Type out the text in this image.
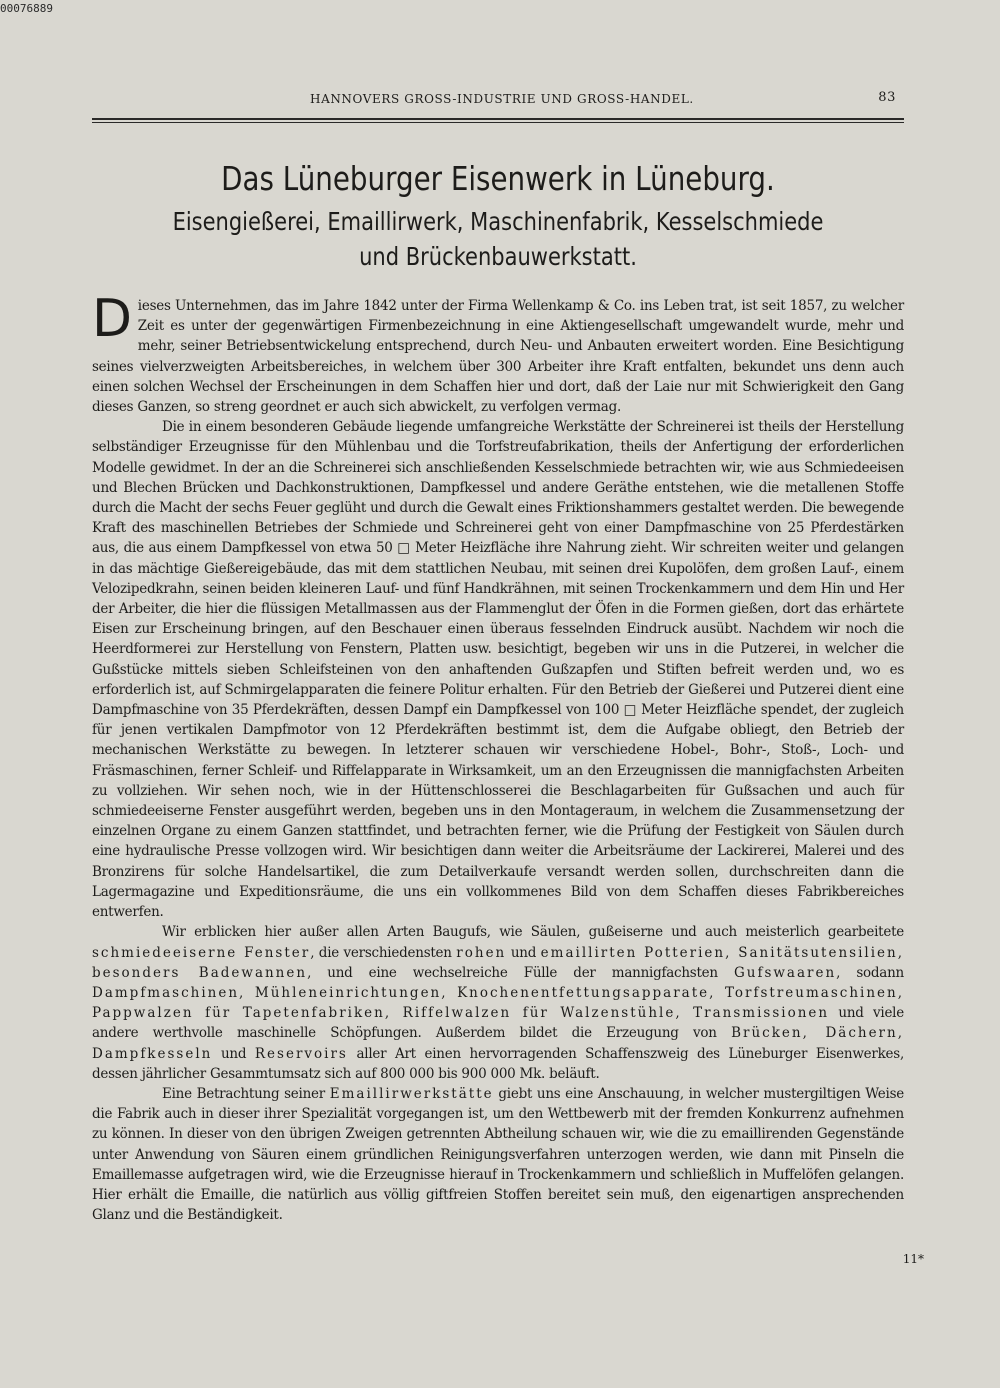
00076889
HANNOVERS GROSS-INDUSTRIE UND GROSS-HANDEL.	83
Das Lüneburger Eisenwerk in Lüneburg.
Eisengießerei, Emaillirwerk, Maschinenfabrik, Kesselschmiede
und Brückenbauwerkstatt.

Dieses Unternehmen, das im Jahre 1842 unter der Firma Wellenkamp & Co. ins Leben trat, ist seit 1857, zu welcher Zeit es unter der gegenwärtigen Firmenbezeichnung in eine Aktiengesellschaft umgewandelt wurde, mehr und mehr, seiner Betriebsentwickelung entsprechend, durch Neu- und Anbauten erweitert worden. Eine Besichtigung seines vielverzweigten Arbeitsbereiches, in welchem über 300 Arbeiter ihre Kraft entfalten, bekundet uns denn auch einen solchen Wechsel der Erscheinungen in dem Schaffen hier und dort, daß der Laie nur mit Schwierigkeit den Gang dieses Ganzen, so streng geordnet er auch sich abwickelt, zu verfolgen vermag.

Die in einem besonderen Gebäude liegende umfangreiche Werkstätte der Schreinerei ist theils der Herstellung selbständiger Erzeugnisse für den Mühlenbau und die Torfstreufabrikation, theils der Anfertigung der erforderlichen Modelle gewidmet. In der an die Schreinerei sich anschließenden Kesselschmiede betrachten wir, wie aus Schmiedeeisen und Blechen Brücken und Dachkonstruktionen, Dampfkessel und andere Geräthe entstehen, wie die metallenen Stoffe durch die Macht der sechs Feuer geglüht und durch die Gewalt eines Friktionshammers gestaltet werden. Die bewegende Kraft des maschinellen Betriebes der Schmiede und Schreinerei geht von einer Dampfmaschine von 25 Pferdestärken aus, die aus einem Dampfkessel von etwa 50 □ Meter Heizfläche ihre Nahrung zieht. Wir schreiten weiter und gelangen in das mächtige Gießereigebäude, das mit dem stattlichen Neubau, mit seinen drei Kupolöfen, dem großen Lauf-, einem Velozipedkrahn, seinen beiden kleineren Lauf- und fünf Handkrähnen, mit seinen Trockenkammern und dem Hin und Her der Arbeiter, die hier die flüssigen Metallmassen aus der Flammenglut der Öfen in die Formen gießen, dort das erhärtete Eisen zur Erscheinung bringen, auf den Beschauer einen überaus fesselnden Eindruck ausübt. Nachdem wir noch die Heerdformerei zur Herstellung von Fenstern, Platten usw. besichtigt, begeben wir uns in die Putzerei, in welcher die Gußstücke mittels sieben Schleifsteinen von den anhaftenden Gußzapfen und Stiften befreit werden und, wo es erforderlich ist, auf Schmirgelapparaten die feinere Politur erhalten. Für den Betrieb der Gießerei und Putzerei dient eine Dampfmaschine von 35 Pferdekräften, dessen Dampf ein Dampfkessel von 100 □ Meter Heizfläche spendet, der zugleich für jenen vertikalen Dampfmotor von 12 Pferdekräften bestimmt ist, dem die Aufgabe obliegt, den Betrieb der mechanischen Werkstätte zu bewegen. In letzterer schauen wir verschiedene Hobel-, Bohr-, Stoß-, Loch- und Fräsmaschinen, ferner Schleif- und Riffelapparate in Wirksamkeit, um an den Erzeugnissen die mannigfachsten Arbeiten zu vollziehen. Wir sehen noch, wie in der Hüttenschlosserei die Beschlagarbeiten für Gußsachen und auch für schmiedeeiserne Fenster ausgeführt werden, begeben uns in den Montageraum, in welchem die Zusammensetzung der einzelnen Organe zu einem Ganzen stattfindet, und betrachten ferner, wie die Prüfung der Festigkeit von Säulen durch eine hydraulische Presse vollzogen wird. Wir besichtigen dann weiter die Arbeitsräume der Lackirerei, Malerei und des Bronzirens für solche Handelsartikel, die zum Detailverkaufe versandt werden sollen, durchschreiten dann die Lagermagazine und Expeditionsräume, die uns ein vollkommenes Bild von dem Schaffen dieses Fabrikbereiches entwerfen.

Wir erblicken hier außer allen Arten Baugufs, wie Säulen, gußeiserne und auch meisterlich gearbeitete schmiedeeiserne Fenster, die verschiedensten rohen und emaillirten Potterien, Sanitätsutensilien, besonders Badewannen, und eine wechselreiche Fülle der mannigfachsten Gufswaaren, sodann Dampfmaschinen, Mühleneinrichtungen, Knochenentfettungsapparate, Torfstreumaschinen, Pappwalzen für Tapetenfabriken, Riffelwalzen für Walzenstühle, Transmissionen und viele andere werthvolle maschinelle Schöpfungen. Außerdem bildet die Erzeugung von Brücken, Dächern, Dampfkesseln und Reservoirs aller Art einen hervorragenden Schaffenszweig des Lüneburger Eisenwerkes, dessen jährlicher Gesammtumsatz sich auf 800 000 bis 900 000 Mk. beläuft.

Eine Betrachtung seiner Emaillirwerkstätte giebt uns eine Anschauung, in welcher mustergiltigen Weise die Fabrik auch in dieser ihrer Spezialität vorgegangen ist, um den Wettbewerb mit der fremden Konkurrenz aufnehmen zu können. In dieser von den übrigen Zweigen getrennten Abtheilung schauen wir, wie die zu emaillirenden Gegenstände unter Anwendung von Säuren einem gründlichen Reinigungsverfahren unterzogen werden, wie dann mit Pinseln die Emaillemasse aufgetragen wird, wie die Erzeugnisse hierauf in Trockenkammern und schließlich in Muffelöfen gelangen. Hier erhält die Emaille, die natürlich aus völlig giftfreien Stoffen bereitet sein muß, den eigenartigen ansprechenden Glanz und die Beständigkeit.

11*
